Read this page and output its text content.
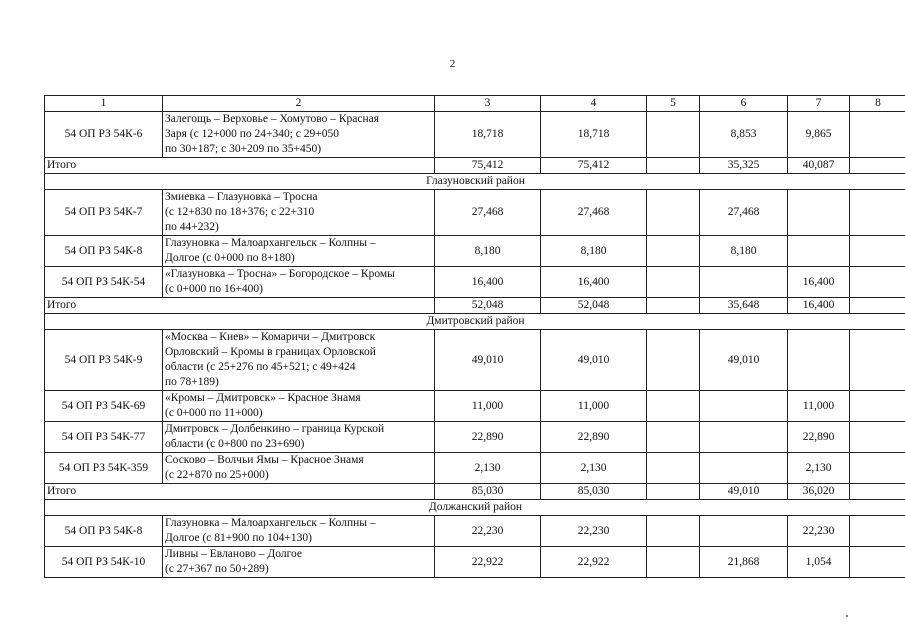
2
1	2	3	4	5	6	7	8
54 ОП РЗ 54К-6	Залегощь – Верховье – Хомутово – Красная
Заря (с 12+000 по 24+340; с 29+050
по 30+187; с 30+209 по 35+450)	18,718	18,718		8,853	9,865	
Итого		75,412	75,412		35,325	40,087	
Глазуновский район							
54 ОП РЗ 54К-7	Змиевка – Глазуновка – Тросна
(с 12+830 по 18+376; с 22+310
по 44+232)	27,468	27,468		27,468		
54 ОП РЗ 54К-8	Глазуновка – Малоархангельск – Колпны –
Долгое (с 0+000 по 8+180)	8,180	8,180		8,180		
54 ОП РЗ 54К-54	«Глазуновка – Тросна» – Богородское – Кромы
(с 0+000 по 16+400)	16,400	16,400			16,400	
Итого		52,048	52,048		35,648	16,400	
Дмитровский район							
54 ОП РЗ 54К-9	«Москва – Киев» – Комаричи – Дмитровск
Орловский – Кромы в границах Орловской
области (с 25+276 по 45+521; с 49+424
по 78+189)	49,010	49,010		49,010		
54 ОП РЗ 54К-69	«Кромы – Дмитровск» – Красное Знамя
(с 0+000 по 11+000)	11,000	11,000			11,000	
54 ОП РЗ 54К-77	Дмитровск – Долбенкино – граница Курской
области (с 0+800 по 23+690)	22,890	22,890			22,890	
54 ОП РЗ 54К-359	Сосково – Волчьи Ямы – Красное Знамя
(с 22+870 по 25+000)	2,130	2,130			2,130	
Итого		85,030	85,030		49,010	36,020	
Должанский район							
54 ОП РЗ 54К-8	Глазуновка – Малоархангельск – Колпны –
Долгое (с 81+900 по 104+130)	22,230	22,230			22,230	
54 ОП РЗ 54К-10	Ливны – Евланово – Долгое
(с 27+367 по 50+289)	22,922	22,922		21,868	1,054	
